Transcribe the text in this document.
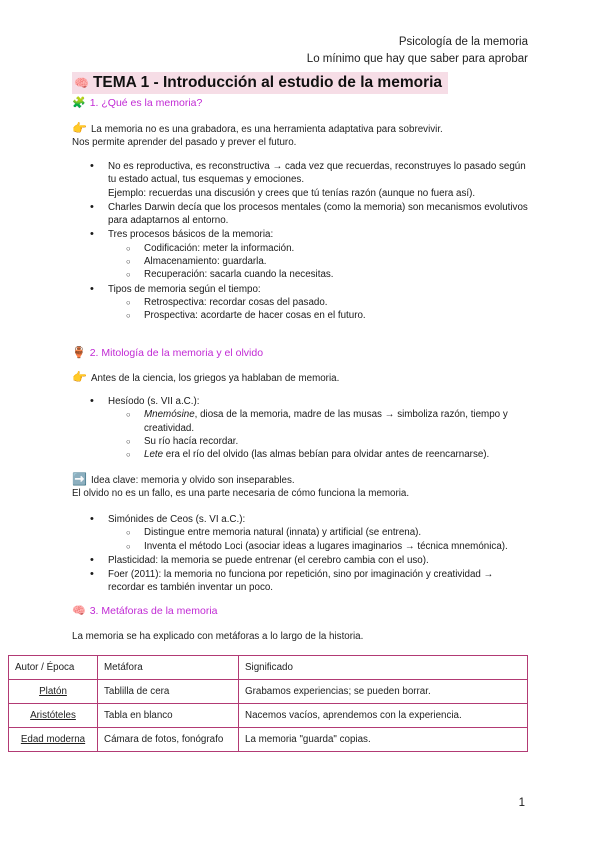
Psicología de la memoria
Lo mínimo que hay que saber para aprobar
🧠 TEMA 1 - Introducción al estudio de la memoria
🧩 1. ¿Qué es la memoria?
👉 La memoria no es una grabadora, es una herramienta adaptativa para sobrevivir.
Nos permite aprender del pasado y prever el futuro.
• No es reproductiva, es reconstructiva → cada vez que recuerdas, reconstruyes lo pasado según tu estado actual, tus esquemas y emociones.
Ejemplo: recuerdas una discusión y crees que tú tenías razón (aunque no fuera así).
• Charles Darwin decía que los procesos mentales (como la memoria) son mecanismos evolutivos para adaptarnos al entorno.
• Tres procesos básicos de la memoria:
○ Codificación: meter la información.
○ Almacenamiento: guardarla.
○ Recuperación: sacarla cuando la necesitas.
• Tipos de memoria según el tiempo:
○ Retrospectiva: recordar cosas del pasado.
○ Prospectiva: acordarte de hacer cosas en el futuro.
🏺 2. Mitología de la memoria y el olvido
👉 Antes de la ciencia, los griegos ya hablaban de memoria.
• Hesíodo (s. VII a.C.):
○ Mnemósine, diosa de la memoria, madre de las musas → simboliza razón, tiempo y creatividad.
○ Su río hacía recordar.
○ Lete era el río del olvido (las almas bebían para olvidar antes de reencarnarse).
➡️ Idea clave: memoria y olvido son inseparables.
El olvido no es un fallo, es una parte necesaria de cómo funciona la memoria.
• Simónides de Ceos (s. VI a.C.):
○ Distingue entre memoria natural (innata) y artificial (se entrena).
○ Inventa el método Loci (asociar ideas a lugares imaginarios → técnica mnemónica).
• Plasticidad: la memoria se puede entrenar (el cerebro cambia con el uso).
• Foer (2011): la memoria no funciona por repetición, sino por imaginación y creatividad → recordar es también inventar un poco.
🧠 3. Metáforas de la memoria
La memoria se ha explicado con metáforas a lo largo de la historia.
Autor / Época	Metáfora	Significado
Platón	Tablilla de cera	Grabamos experiencias; se pueden borrar.
Aristóteles	Tabla en blanco	Nacemos vacíos, aprendemos con la experiencia.
Edad moderna	Cámara de fotos, fonógrafo	La memoria "guarda" copias.
1
